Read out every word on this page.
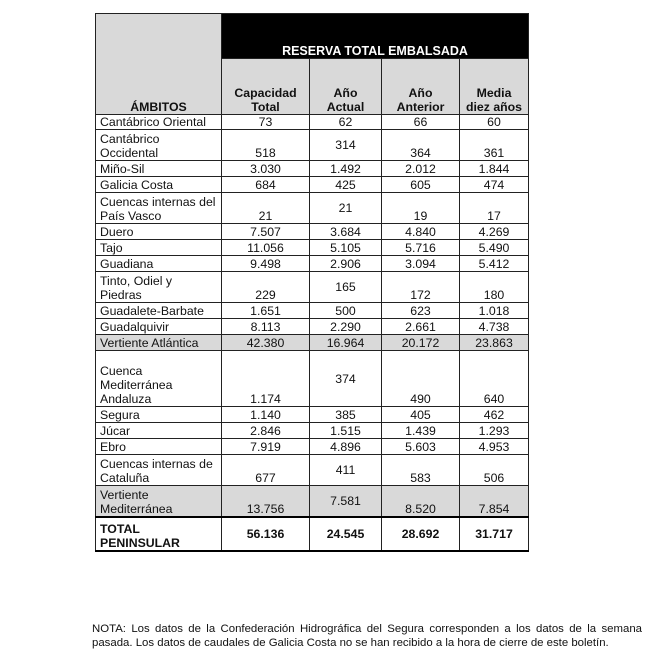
ÁMBITOS	RESERVA TOTAL EMBALSADA			
	Capacidad Total	Año Actual	Año Anterior	Media diez años
Cantábrico Oriental	73	62	66	60
Cantábrico Occidental	518	314	364	361
Miño-Sil	3.030	1.492	2.012	1.844
Galicia Costa	684	425	605	474
Cuencas internas del País Vasco	21	21	19	17
Duero	7.507	3.684	4.840	4.269
Tajo	11.056	5.105	5.716	5.490
Guadiana	9.498	2.906	3.094	5.412
Tinto, Odiel y Piedras	229	165	172	180
Guadalete-Barbate	1.651	500	623	1.018
Guadalquivir	8.113	2.290	2.661	4.738
Vertiente Atlántica	42.380	16.964	20.172	23.863
Cuenca Mediterránea Andaluza	1.174	374	490	640
Segura	1.140	385	405	462
Júcar	2.846	1.515	1.439	1.293
Ebro	7.919	4.896	5.603	4.953
Cuencas internas de Cataluña	677	411	583	506
Vertiente Mediterránea	13.756	7.581	8.520	7.854
TOTAL PENINSULAR	56.136	24.545	28.692	31.717

NOTA: Los datos de la Confederación Hidrográfica del Segura corresponden a los datos de la semana pasada. Los datos de caudales de Galicia Costa no se han recibido a la hora de cierre de este boletín.
